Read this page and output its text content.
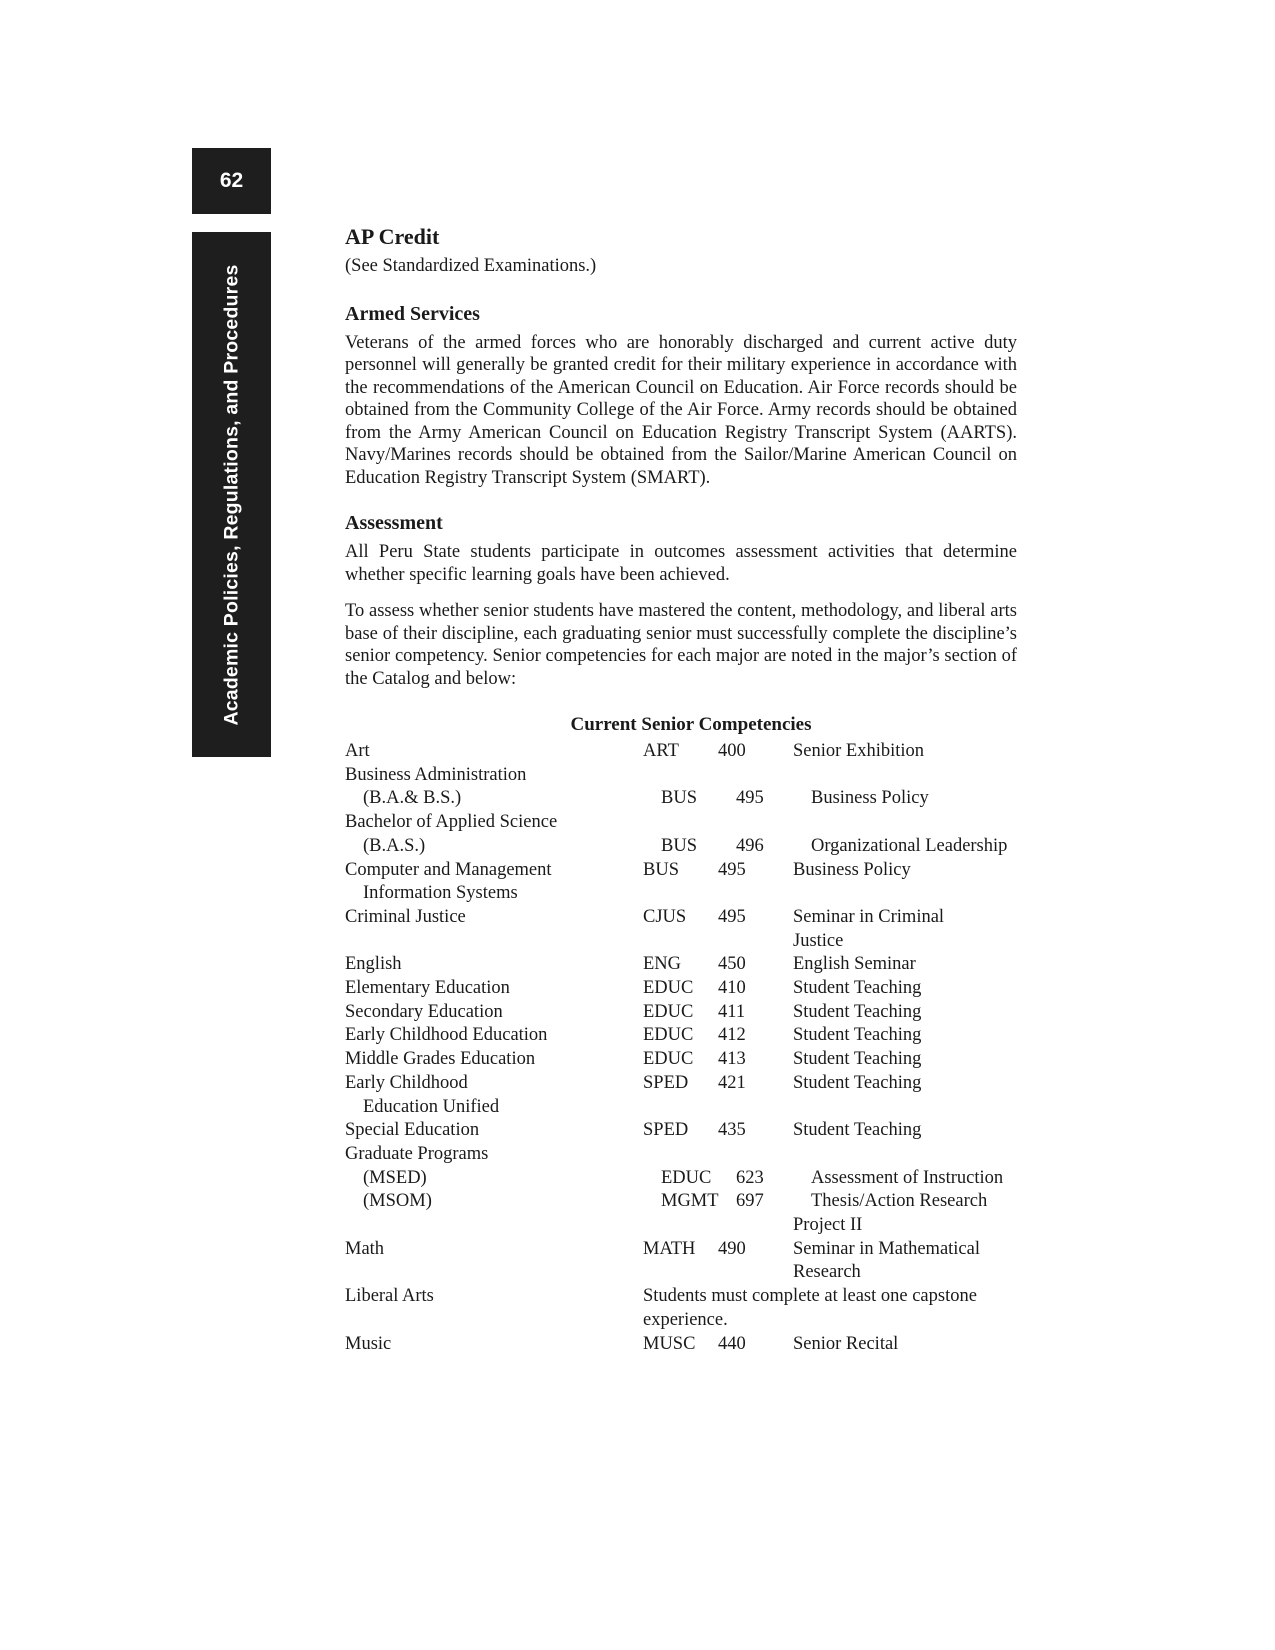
62
Academic Policies, Regulations, and Procedures
AP Credit

(See Standardized Examinations.)

Armed Services

Veterans of the armed forces who are honorably discharged and current active duty personnel will generally be granted credit for their military experience in accordance with the recommendations of the American Council on Education. Air Force records should be obtained from the Community College of the Air Force. Army records should be obtained from the Army American Council on Education Registry Transcript System (AARTS). Navy/Marines records should be obtained from the Sailor/Marine American Council on Education Registry Transcript System (SMART).

Assessment

All Peru State students participate in outcomes assessment activities that determine whether specific learning goals have been achieved.

To assess whether senior students have mastered the content, methodology, and liberal arts base of their discipline, each graduating senior must successfully complete the discipline’s senior competency. Senior competencies for each major are noted in the major’s section of the Catalog and below:

Current Senior Competencies
Art	ART	400	Senior Exhibition
Business Administration
(B.A.& B.S.)	BUS	495	Business Policy
Bachelor of Applied Science
(B.A.S.)	BUS	496	Organizational Leadership
Computer and Management	BUS	495	Business Policy
Information Systems
Criminal Justice	CJUS	495	Seminar in Criminal
Justice
English	ENG	450	English Seminar
Elementary Education	EDUC	410	Student Teaching
Secondary Education	EDUC	411	Student Teaching
Early Childhood Education	EDUC	412	Student Teaching
Middle Grades Education	EDUC	413	Student Teaching
Early Childhood	SPED	421	Student Teaching
Education Unified
Special Education	SPED	435	Student Teaching
Graduate Programs
(MSED)	EDUC	623	Assessment of Instruction
(MSOM)	MGMT 697	Thesis/Action Research
Project II
Math	MATH	490	Seminar in Mathematical
Research
Liberal Arts	Students must complete at least one capstone
experience.
Music	MUSC	440	Senior Recital
